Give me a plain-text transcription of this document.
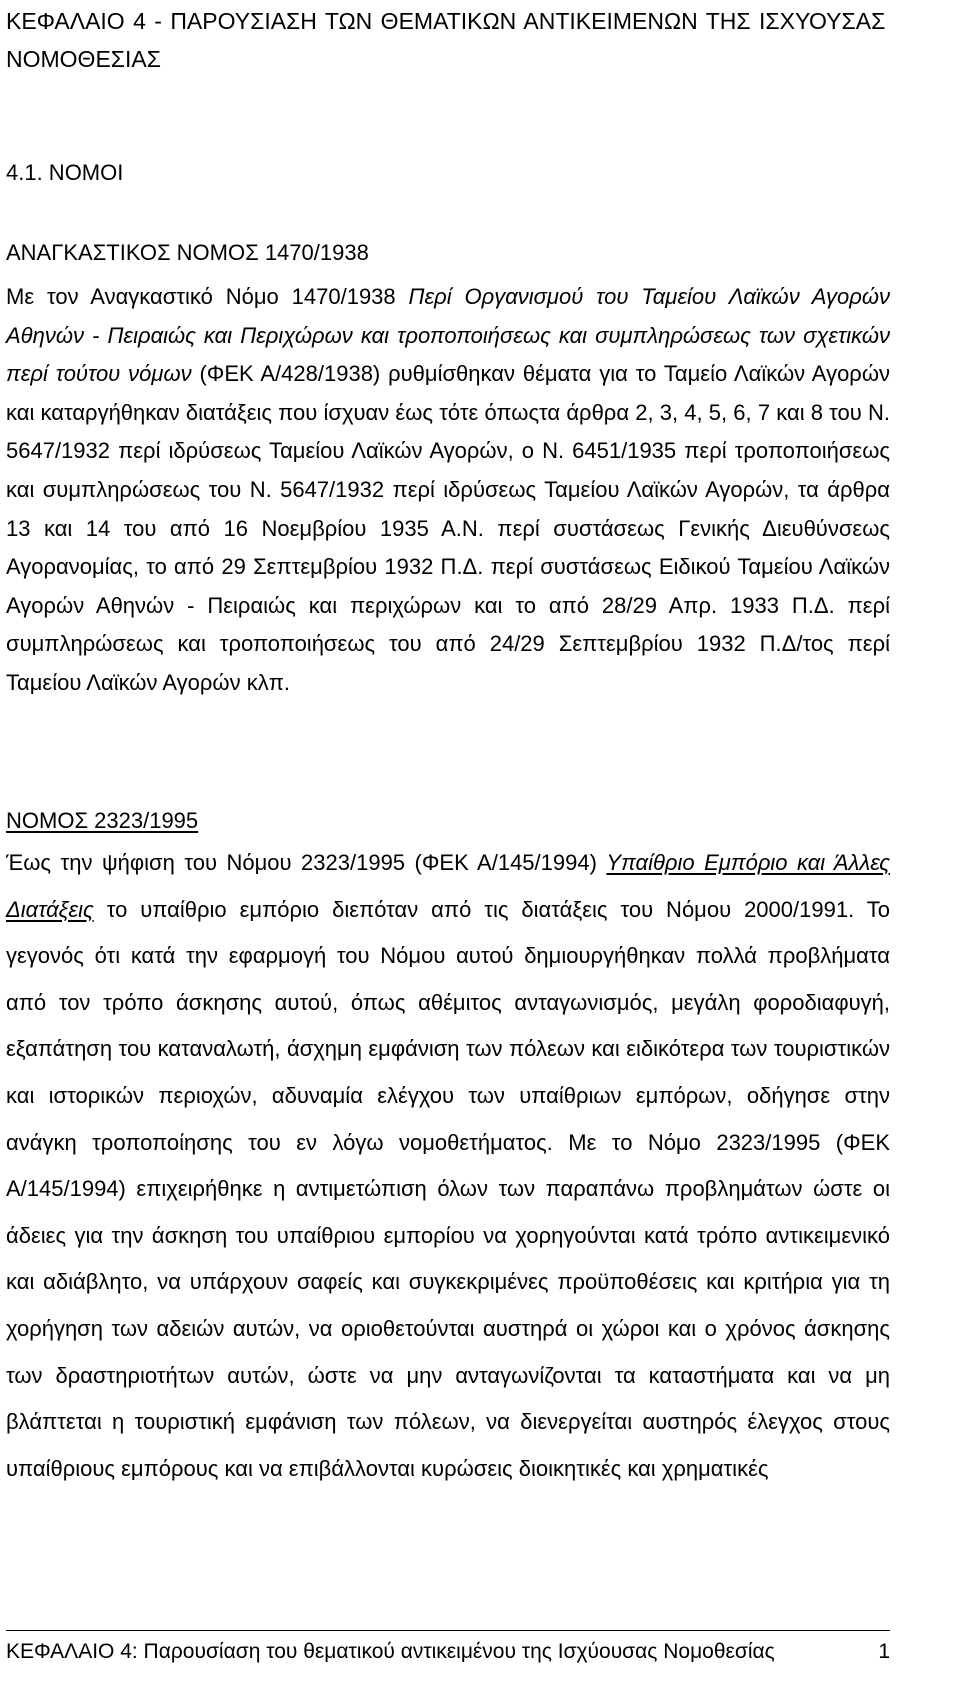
ΚΕΦΑΛΑΙΟ 4 - ΠΑΡΟΥΣΙΑΣΗ ΤΩΝ ΘΕΜΑΤΙΚΩΝ ΑΝΤΙΚΕΙΜΕΝΩΝ ΤΗΣ ΙΣΧΥΟΥΣΑΣ ΝΟΜΟΘΕΣΙΑΣ
4.1. ΝΟΜΟΙ
ΑΝΑΓΚΑΣΤΙΚΟΣ ΝΟΜΟΣ 1470/1938

Με τον Αναγκαστικό Νόμο 1470/1938 Περί Οργανισμού του Ταμείου Λαϊκών Αγορών Αθηνών - Πειραιώς και Περιχώρων και τροποποιήσεως και συμπληρώσεως των σχετικών περί τούτου νόμων (ΦΕΚ Α/428/1938) ρυθμίσθηκαν θέματα για το Ταμείο Λαϊκών Αγορών και καταργήθηκαν διατάξεις που ίσχυαν έως τότε όπωςτα άρθρα 2, 3, 4, 5, 6, 7 και 8 του Ν. 5647/1932 περί ιδρύσεως Ταμείου Λαϊκών Αγορών, ο Ν. 6451/1935 περί τροποποιήσεως και συμπληρώσεως του Ν. 5647/1932 περί ιδρύσεως Ταμείου Λαϊκών Αγορών, τα άρθρα 13 και 14 του από 16 Νοεμβρίου 1935 Α.Ν. περί συστάσεως Γενικής Διευθύνσεως Αγορανομίας, το από 29 Σεπτεμβρίου 1932 Π.Δ. περί συστάσεως Ειδικού Ταμείου Λαϊκών Αγορών Αθηνών - Πειραιώς και περιχώρων και το από 28/29 Απρ. 1933 Π.Δ. περί συμπληρώσεως και τροποποιήσεως του από 24/29 Σεπτεμβρίου 1932 Π.Δ/τος περί Ταμείου Λαϊκών Αγορών κλπ.

ΝΟΜΟΣ 2323/1995

Έως την ψήφιση του Νόμου 2323/1995 (ΦΕΚ Α/145/1994) Υπαίθριο Εμπόριο και Άλλες Διατάξεις το υπαίθριο εμπόριο διεπόταν από τις διατάξεις του Νόμου 2000/1991. Το γεγονός ότι κατά την εφαρμογή του Νόμου αυτού δημιουργήθηκαν πολλά προβλήματα από τον τρόπο άσκησης αυτού, όπως αθέμιτος ανταγωνισμός, μεγάλη φοροδιαφυγή, εξαπάτηση του καταναλωτή, άσχημη εμφάνιση των πόλεων και ειδικότερα των τουριστικών και ιστορικών περιοχών, αδυναμία ελέγχου των υπαίθριων εμπόρων, οδήγησε στην ανάγκη τροποποίησης του εν λόγω νομοθετήματος. Με το Νόμο 2323/1995 (ΦΕΚ Α/145/1994) επιχειρήθηκε η αντιμετώπιση όλων των παραπάνω προβλημάτων ώστε οι άδειες για την άσκηση του υπαίθριου εμπορίου να χορηγούνται κατά τρόπο αντικειμενικό και αδιάβλητο, να υπάρχουν σαφείς και συγκεκριμένες προϋποθέσεις και κριτήρια για τη χορήγηση των αδειών αυτών, να οριοθετούνται αυστηρά οι χώροι και ο χρόνος άσκησης των δραστηριοτήτων αυτών, ώστε να μην ανταγωνίζονται τα καταστήματα και να μη βλάπτεται η τουριστική εμφάνιση των πόλεων, να διενεργείται αυστηρός έλεγχος στους υπαίθριους εμπόρους και να επιβάλλονται κυρώσεις διοικητικές και χρηματικές

ΚΕΦΑΛΑΙΟ 4: Παρουσίαση του θεματικού αντικειμένου της Ισχύουσας Νομοθεσίας	1
